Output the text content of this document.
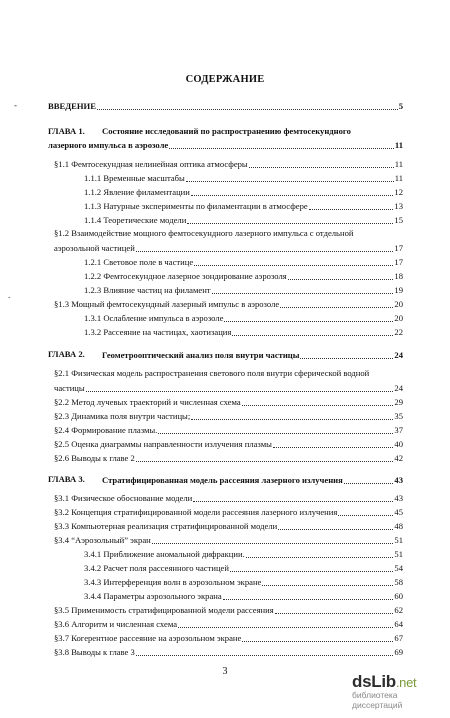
СОДЕРЖАНИЕ
-
.
ВВЕДЕНИЕ	5
ГЛАВА 1. Состояние исследований по распространению фемтосекундного
лазерного импульса в аэрозоле	11
§1.1 Фемтосекундная нелинейная оптика атмосферы	11
1.1.1 Временные масштабы	11
1.1.2 Явление филаментации	12
1.1.3 Натурные эксперименты по филаментации в атмосфере	13
1.1.4 Теоретические модели	15
§1.2 Взаимодействие мощного фемтосекундного лазерного импульса с отдельной
аэрозольной частицей	17
1.2.1 Световое поле в частице	17
1.2.2 Фемтосекундное лазерное зондирование аэрозоля	18
1.2.3 Влияние частиц на филамент	19
§1.3 Мощный фемтосекундный лазерный импульс в аэрозоле	20
1.3.1 Ослабление импульса в аэрозоле	20
1.3.2 Рассеяние на частицах, хаотизация	22
ГЛАВА 2. Геометрооптический анализ поля внутри частицы	24
§2.1 Физическая модель распространения светового поля внутри сферической водной
частицы	24
§2.2 Метод лучевых траекторий и численная схема	29
§2.3 Динамика поля внутри частицы;	35
§2.4 Формирование плазмы.	37
§2.5 Оценка диаграммы направленности излучения плазмы	40
§2.6 Выводы к главе 2	42
ГЛАВА 3. Стратифицированная модель рассеяния лазерного излучения	43
§3.1 Физическое обоснование модели	43
§3.2 Концепция стратифицированной модели рассеяния лазерного излучения	45
§3.3 Компьютерная реализация стратифицированной модели	48
§3.4 “Аэрозольный” экран	51
3.4.1 Приближение аномальной дифракции.	51
3.4.2 Расчет поля рассеянного частицей	54
3.4.3 Интерференция волн в аэрозольном экране	58
3.4.4 Параметры аэрозольного экрана	60
§3.5 Применимость стратифицированной модели рассеяния	62
§3.6 Алгоритм и численная схема	64
§3.7 Когерентное рассеяние на аэрозольном экране	67
§3.8 Выводы к главе 3	69
3
dsLib.net
библиотека диссертаций
